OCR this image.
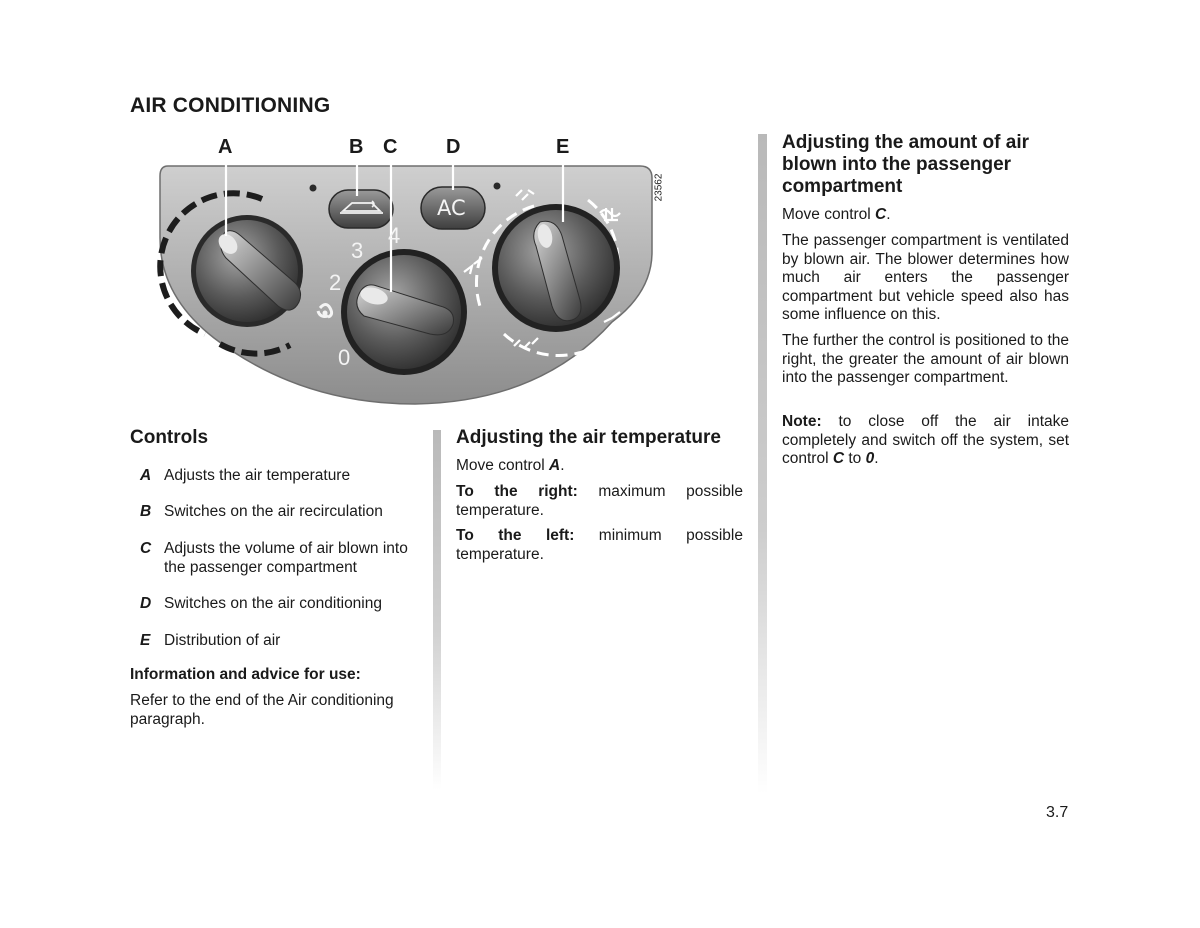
AIR CONDITIONING
A	B C D	E
AC
0
2
3
4
23562
Controls
A Adjusts the air temperature
B Switches on the air recirculation
C Adjusts the volume of air blown into the passenger compartment
D Switches on the air conditioning
E Distribution of air

Information and advice for use:

Refer to the end of the Air conditioning paragraph.

Adjusting the air temperature

Move control A.

To the right: maximum possible temperature.

To the left: minimum possible temperature.

Adjusting the amount of air blown into the passenger compartment

Move control C.

The passenger compartment is ventilated by blown air. The blower determines how much air enters the passenger compartment but vehicle speed also has some influence on this.

The further the control is positioned to the right, the greater the amount of air blown into the passenger compartment.

Note: to close off the air intake completely and switch off the system, set control C to 0.

3.7
